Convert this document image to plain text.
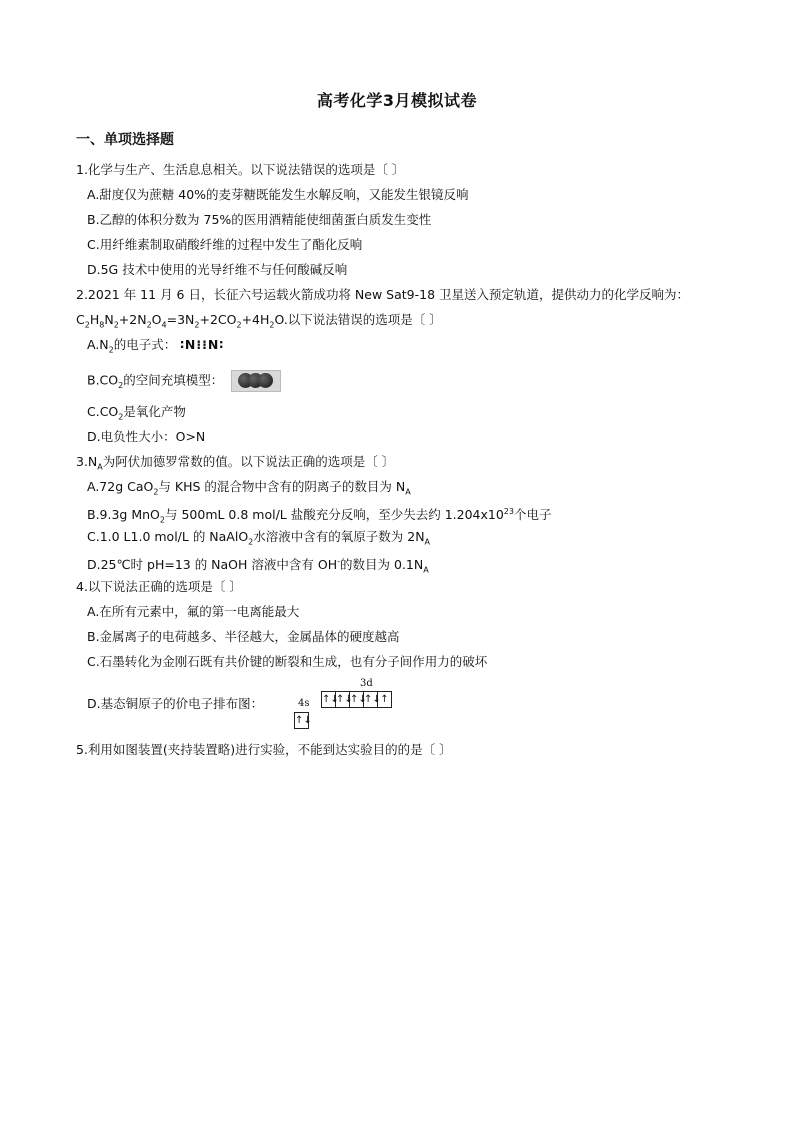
高考化学3月模拟试卷
一、单项选择题
1.化学与生产、生活息息相关。以下说法错误的选项是〔 〕
A.甜度仅为蔗糖 40%的麦芽糖既能发生水解反响，又能发生银镜反响
B.乙醇的体积分数为 75%的医用酒精能使细菌蛋白质发生变性
C.用纤维素制取硝酸纤维的过程中发生了酯化反响
D.5G 技术中使用的光导纤维不与任何酸碱反响
2.2021 年 11 月 6 日，长征六号运载火箭成功将 New Sat9-18 卫星送入预定轨道，提供动力的化学反响为：
$C_2H_8N_2+2N_2O_4=3N_2+2CO_2+4H_2O$.以下说法错误的选项是〔 〕
$A.N_2$的电子式： ∶N⁝⁝N∶
$B.CO_2$的空间充填模型：
$C.CO_2$是氧化产物
D.电负性大小：O>N
$3.N_A$为阿伏加德罗常数的值。以下说法正确的选项是〔 〕
A.72g CaO$_2$与 KHS 的混合物中含有的阴离子的数目为 $N_A$
B.9.3g MnO$_2$与 500mL 0.8 mol/L 盐酸充分反响，至少失去约 $1.204x10^{23}$个电子
C.1.0 L1.0 mol/L 的 NaAlO$_2$水溶液中含有的氧原子数为 $2N_A$
D.25℃时 pH=13 的 NaOH 溶液中含有 OH-的数目为 $0.1N_A$
4.以下说法正确的选项是〔 〕
A.在所有元素中，氟的第一电离能最大
B.金属离子的电荷越多、半径越大，金属晶体的硬度越高
C.石墨转化为金刚石既有共价键的断裂和生成，也有分子间作用力的破坏
D.基态铜原子的价电子排布图：	4s
3d
↑↓
↑↓
↑↓
↑↓ ↑
↑↓
5.利用如图装置(夹持装置略)进行实验，不能到达实验目的的是〔 〕
